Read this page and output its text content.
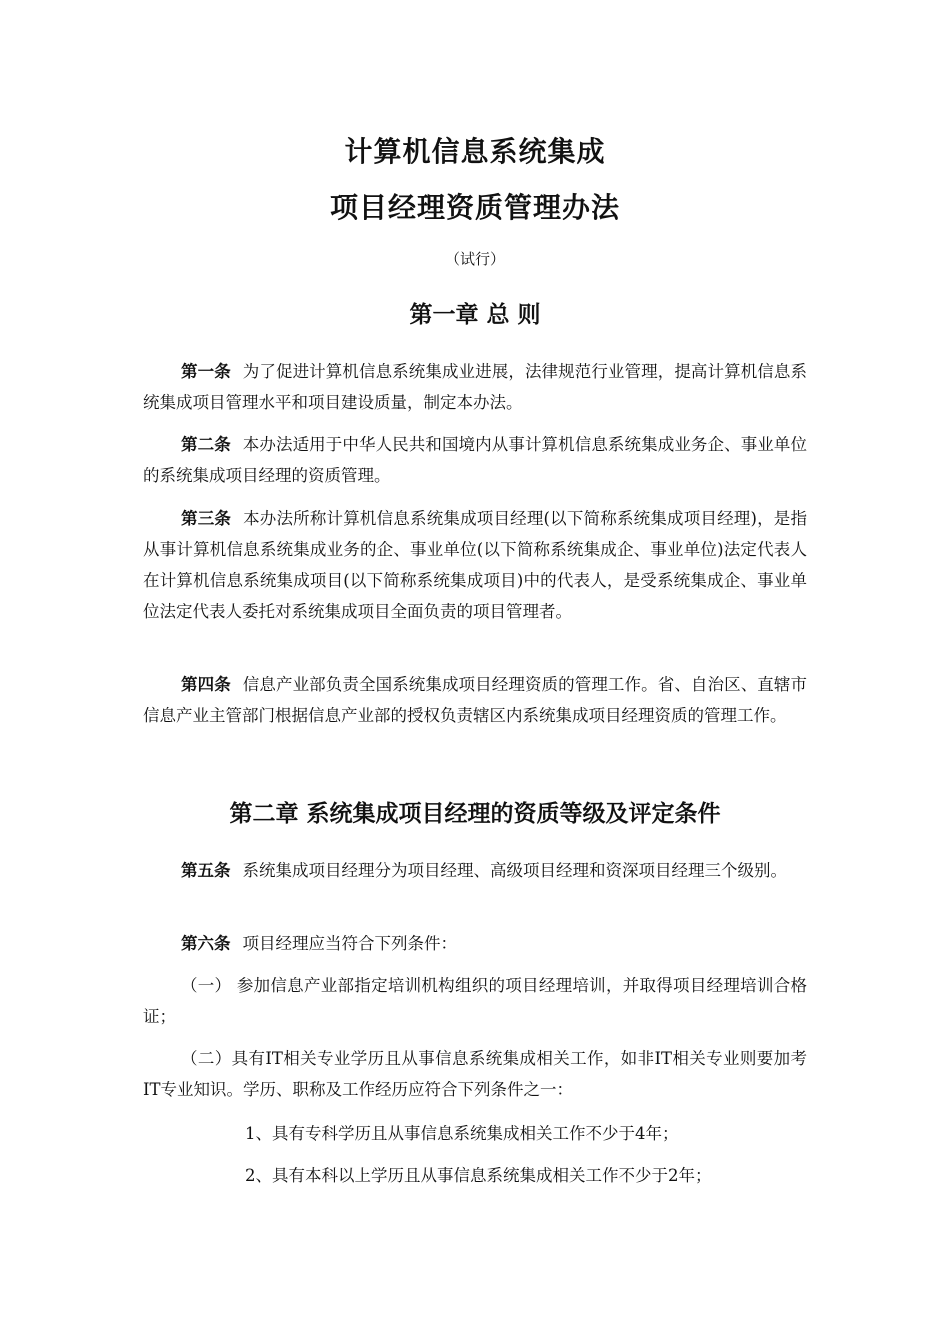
计算机信息系统集成
项目经理资质管理办法
（试行）
第一章 总 则

第一条 为了促进计算机信息系统集成业进展，法律规范行业管理，提高计算机信息系统集成项目管理水平和项目建设质量，制定本办法。

第二条 本办法适用于中华人民共和国境内从事计算机信息系统集成业务企、事业单位的系统集成项目经理的资质管理。

第三条 本办法所称计算机信息系统集成项目经理(以下简称系统集成项目经理)，是指从事计算机信息系统集成业务的企、事业单位(以下简称系统集成企、事业单位)法定代表人在计算机信息系统集成项目(以下简称系统集成项目)中的代表人，是受系统集成企、事业单位法定代表人委托对系统集成项目全面负责的项目管理者。

第四条 信息产业部负责全国系统集成项目经理资质的管理工作。省、自治区、直辖市信息产业主管部门根据信息产业部的授权负责辖区内系统集成项目经理资质的管理工作。

第二章 系统集成项目经理的资质等级及评定条件

第五条 系统集成项目经理分为项目经理、高级项目经理和资深项目经理三个级别。

第六条 项目经理应当符合下列条件：

（一） 参加信息产业部指定培训机构组织的项目经理培训，并取得项目经理培训合格证；

（二）具有IT相关专业学历且从事信息系统集成相关工作，如非IT相关专业则要加考IT专业知识。学历、职称及工作经历应符合下列条件之一：

1、具有专科学历且从事信息系统集成相关工作不少于4年；

2、具有本科以上学历且从事信息系统集成相关工作不少于2年；
